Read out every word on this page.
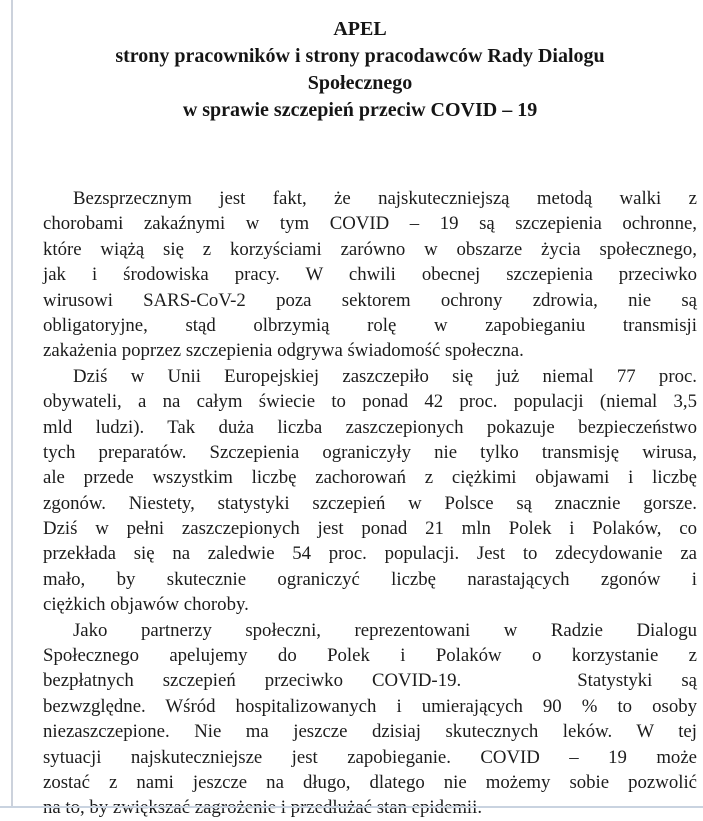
APEL
strony pracowników i strony pracodawców Rady Dialogu
Społecznego
w sprawie szczepień przeciw COVID – 19
Bezsprzecznym jest fakt, że najskuteczniejszą metodą walki z
chorobami zakaźnymi w tym COVID – 19 są szczepienia ochronne,
które wiążą się z korzyściami zarówno w obszarze życia społecznego,
jak i środowiska pracy. W chwili obecnej szczepienia przeciwko
wirusowi SARS-CoV-2 poza sektorem ochrony zdrowia, nie są
obligatoryjne, stąd olbrzymią rolę w zapobieganiu transmisji
zakażenia poprzez szczepienia odgrywa świadomość społeczna.
Dziś w Unii Europejskiej zaszczepiło się już niemal 77 proc.
obywateli, a na całym świecie to ponad 42 proc. populacji (niemal 3,5
mld ludzi). Tak duża liczba zaszczepionych pokazuje bezpieczeństwo
tych preparatów. Szczepienia ograniczyły nie tylko transmisję wirusa,
ale przede wszystkim liczbę zachorowań z ciężkimi objawami i liczbę
zgonów. Niestety, statystyki szczepień w Polsce są znacznie gorsze.
Dziś w pełni zaszczepionych jest ponad 21 mln Polek i Polaków, co
przekłada się na zaledwie 54 proc. populacji. Jest to zdecydowanie za
mało, by skutecznie ograniczyć liczbę narastających zgonów i
ciężkich objawów choroby.
Jako partnerzy społeczni, reprezentowani w Radzie Dialogu
Społecznego apelujemy do Polek i Polaków o korzystanie z
bezpłatnych szczepień przeciwko COVID-19.    Statystyki są
bezwzględne. Wśród hospitalizowanych i umierających 90 % to osoby
niezaszczepione. Nie ma jeszcze dzisiaj skutecznych leków. W tej
sytuacji najskuteczniejsze jest zapobieganie. COVID – 19 może
zostać z nami jeszcze na długo, dlatego nie możemy sobie pozwolić
